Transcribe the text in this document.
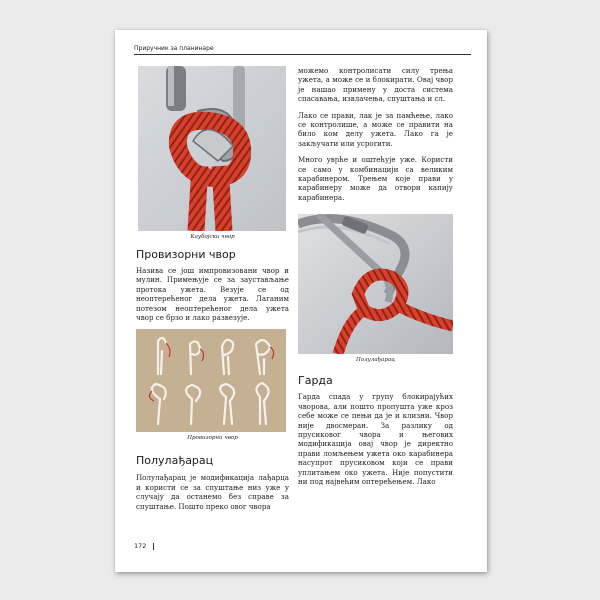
Приручник за планинаре
Каубојски чвор
Провизорни чвор

Назива се још импровизовани чвор и мулин. Примењује се за заустављање протока ужета. Везује се од неоптерећеног дела ужета. Лаганим потезом неоптерећеног дела ужета чвор се брзо и лако развезује.

Провизорни чвор
Полулађарац

Полулађарац је модификација лађарца и користи се за спуштање низ уже у случају да останемо без справе за спуштање. Пошто преко овог чвора

можемо контролисати силу трења ужета, а може се и блокирати. Овај чвор је нашао примену у доста система спасавања, извлачења, спуштања и сл.

Лако се прави, лак је за памћење, лако се контролише, а може се правити на било ком делу ужета. Лако га је закључати или усporити.

Много увրће и оштећује уже. Користи се само у комбинацији са великим карабинером. Трењем које прави у карабинеру може да отвори капију карабинера.

Полулађарац
Гарда

Гарда спада у групу блокирајућих чворова, али пошто пропушта уже кроз себе може се пењи да је и клизни. Чвор није двосмеран. За разлику од прусиковог чвора и његових модификација овај чвор је директно прави ломљењем ужета око карабинера насупрот прусиковом који се прави уплитањем око ужета. Није попустити ни под највећим оптерећењем. Лако

172
